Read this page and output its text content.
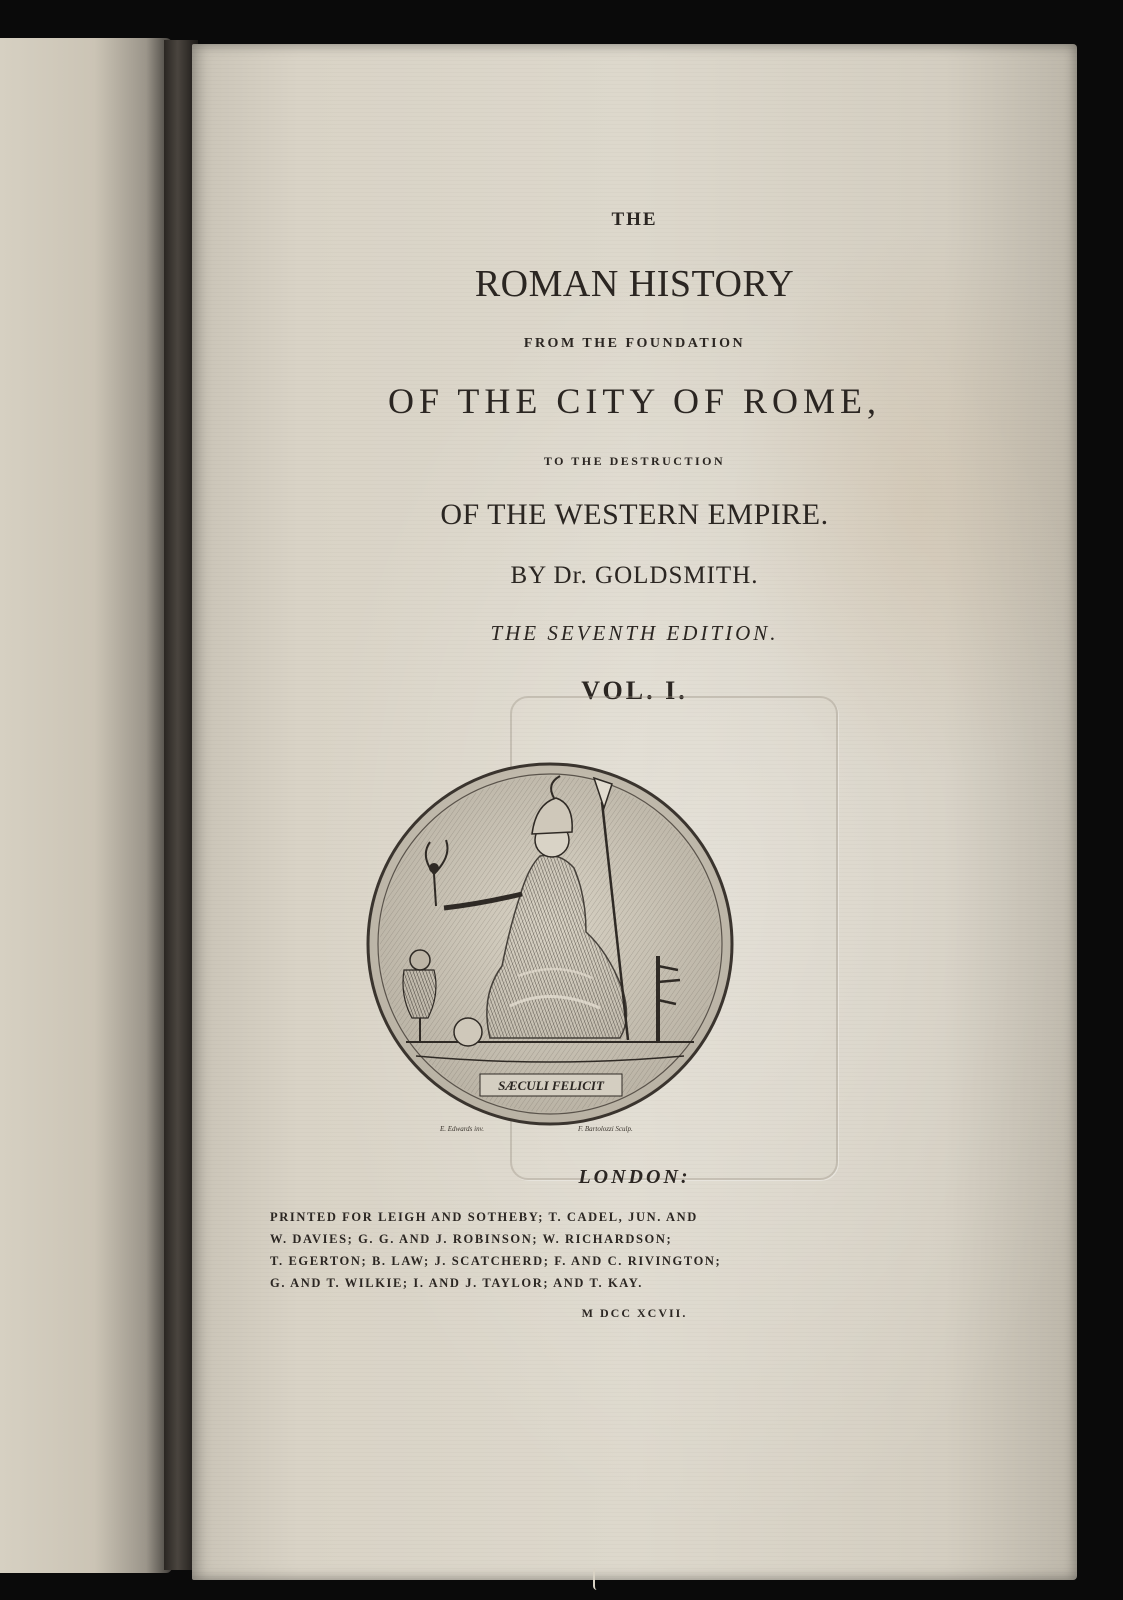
THE

ROMAN HISTORY

FROM THE FOUNDATION

OF THE CITY OF ROME,

TO THE DESTRUCTION

OF THE WESTERN EMPIRE.

BY Dr. GOLDSMITH.

THE SEVENTH EDITION.

VOL. I.

SÆCULI FELICIT
E. Edwards inv.	F. Bartolozzi Sculp.

LONDON:

PRINTED FOR LEIGH AND SOTHEBY; T. CADEL, JUN. AND
W. DAVIES; G. G. AND J. ROBINSON; W. RICHARDSON;
T. EGERTON; B. LAW; J. SCATCHERD; F. AND C. RIVINGTON;
G. AND T. WILKIE; I. AND J. TAYLOR; AND T. KAY.

M DCC XCVII.
